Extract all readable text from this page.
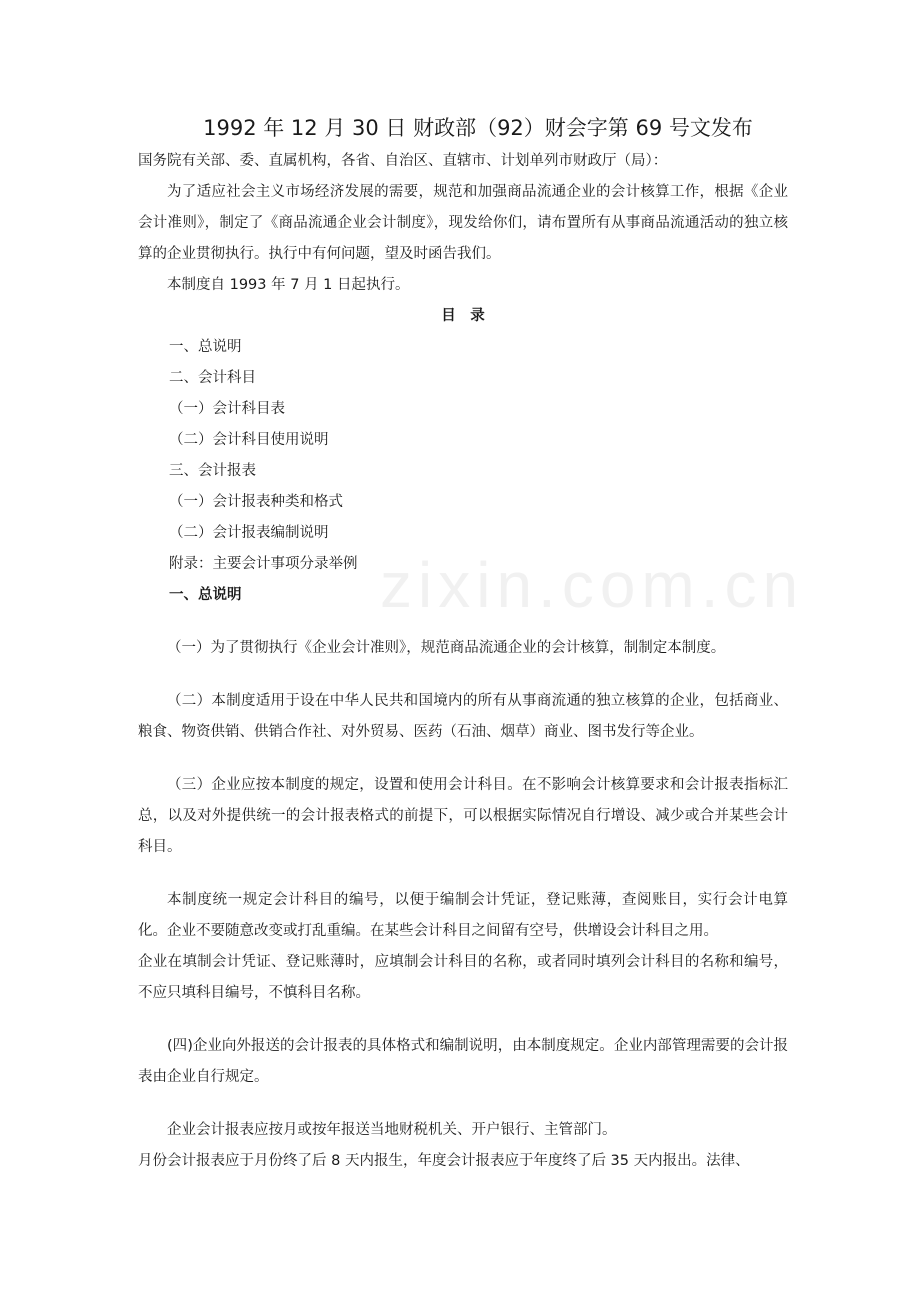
zixin.com.cn
1992 年 12 月 30 日 财政部（92）财会字第 69 号文发布

国务院有关部、委、直属机构，各省、自治区、直辖市、计划单列市财政厅（局）：

为了适应社会主义市场经济发展的需要，规范和加强商品流通企业的会计核算工作，根据《企业会计准则》，制定了《商品流通企业会计制度》，现发给你们，请布置所有从事商品流通活动的独立核算的企业贯彻执行。执行中有何问题，望及时函告我们。

本制度自 1993 年 7 月 1 日起执行。

目　录

一、总说明

二、会计科目

（一）会计科目表

（二）会计科目使用说明

三、会计报表

（一）会计报表种类和格式

（二）会计报表编制说明

附录：主要会计事项分录举例

一、总说明

（一）为了贯彻执行《企业会计准则》，规范商品流通企业的会计核算，制制定本制度。

（二）本制度适用于设在中华人民共和国境内的所有从事商流通的独立核算的企业，包括商业、粮食、物资供销、供销合作社、对外贸易、医药（石油、烟草）商业、图书发行等企业。

（三）企业应按本制度的规定，设置和使用会计科目。在不影响会计核算要求和会计报表指标汇总，以及对外提供统一的会计报表格式的前提下，可以根据实际情况自行增设、减少或合并某些会计科目。

本制度统一规定会计科目的编号，以便于编制会计凭证，登记账薄，查阅账目，实行会计电算化。企业不要随意改变或打乱重编。在某些会计科目之间留有空号，供增设会计科目之用。

企业在填制会计凭证、登记账薄时，应填制会计科目的名称，或者同时填列会计科目的名称和编号，不应只填科目编号，不慎科目名称。

(四)企业向外报送的会计报表的具体格式和编制说明，由本制度规定。企业内部管理需要的会计报表由企业自行规定。

企业会计报表应按月或按年报送当地财税机关、开户银行、主管部门。

月份会计报表应于月份终了后 8 天内报生，年度会计报表应于年度终了后 35 天内报出。法律、
